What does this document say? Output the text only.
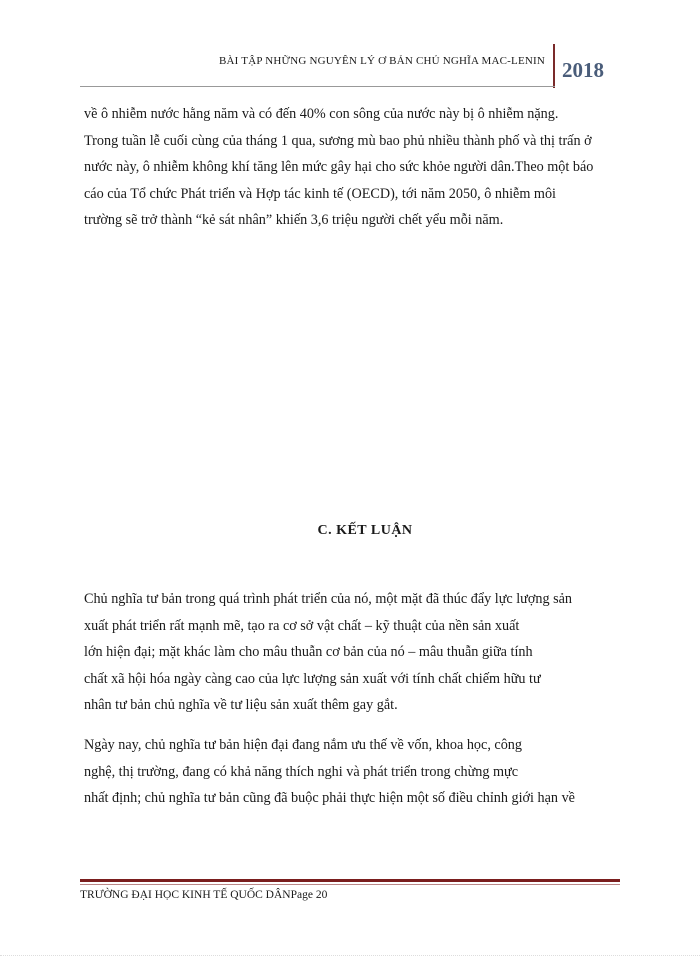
BÀI TẬP NHỮNG NGUYÊN LÝ Ơ BẢN CHỦ NGHĨA MAC-LENIN 2018
về ô nhiễm nước hằng năm và có đến 40% con sông của nước này bị ô nhiễm nặng.
Trong tuần lễ cuối cùng của tháng 1 qua, sương mù bao phủ nhiều thành phố và thị trấn ở
nước này, ô nhiễm không khí tăng lên mức gây hại cho sức khỏe người dân.Theo một báo
cáo của Tổ chức Phát triển và Hợp tác kinh tế (OECD), tới năm 2050, ô nhiễm môi
trường sẽ trở thành “kẻ sát nhân” khiến 3,6 triệu người chết yểu mỗi năm.
C. KẾT LUẬN
Chủ nghĩa tư bản trong quá trình phát triển của nó, một mặt đã thúc đẩy lực lượng sản
xuất phát triển rất mạnh mẽ, tạo ra cơ sở vật chất – kỹ thuật của nền sản xuất
lớn hiện đại; mặt khác làm cho mâu thuẫn cơ bản của nó – mâu thuẫn giữa tính
chất xã hội hóa ngày càng cao của lực lượng sản xuất với tính chất chiếm hữu tư
nhân tư bản chủ nghĩa về tư liệu sản xuất thêm gay gắt.
Ngày nay, chủ nghĩa tư bản hiện đại đang nắm ưu thế về vốn, khoa học, công
nghệ, thị trường, đang có khả năng thích nghi và phát triển trong chừng mực
nhất định; chủ nghĩa tư bản cũng đã buộc phải thực hiện một số điều chỉnh giới hạn về
TRƯỜNG ĐẠI HỌC KINH TẾ QUỐC DÂNPage 20
